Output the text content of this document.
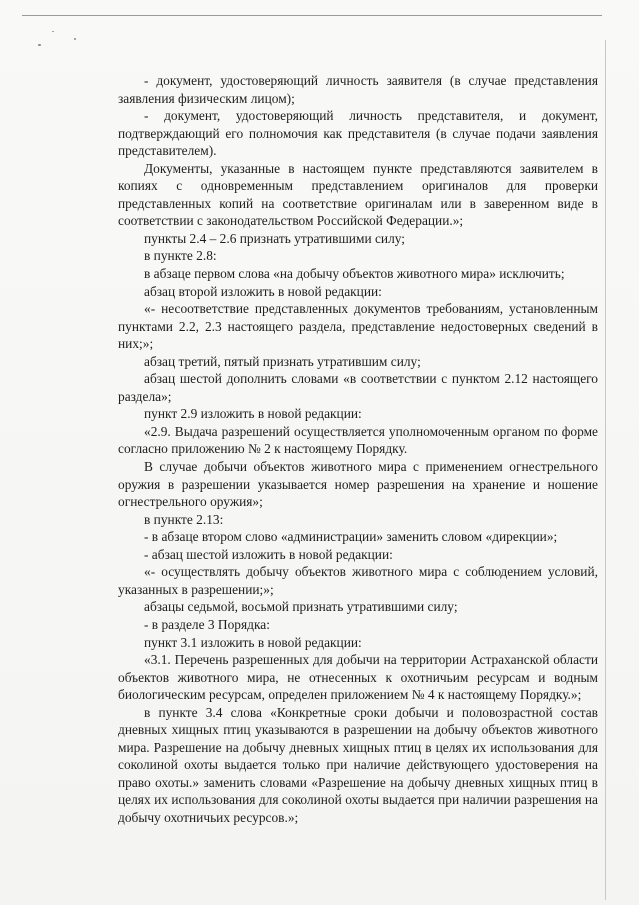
- документ, удостоверяющий личность заявителя (в случае представления заявления физическим лицом);

- документ, удостоверяющий личность представителя, и документ, подтверждающий его полномочия как представителя (в случае подачи заявления представителем).

Документы, указанные в настоящем пункте представляются заявителем в копиях с одновременным представлением оригиналов для проверки представленных копий на соответствие оригиналам или в заверенном виде в соответствии с законодательством Российской Федерации.»;

пункты 2.4 – 2.6 признать утратившими силу;

в пункте 2.8:

в абзаце первом слова «на добычу объектов животного мира» исключить;

абзац второй изложить в новой редакции:

«- несоответствие представленных документов требованиям, установленным пунктами 2.2, 2.3 настоящего раздела, представление недостоверных сведений в них;»;

абзац третий, пятый признать утратившим силу;

абзац шестой дополнить словами «в соответствии с пунктом 2.12 настоящего раздела»;

пункт 2.9 изложить в новой редакции:

«2.9. Выдача разрешений осуществляется уполномоченным органом по форме согласно приложению № 2 к настоящему Порядку.

В случае добычи объектов животного мира с применением огнестрельного оружия в разрешении указывается номер разрешения на хранение и ношение огнестрельного оружия»;

в пункте 2.13:

- в абзаце втором слово «администрации» заменить словом «дирекции»;

- абзац шестой изложить в новой редакции:

«- осуществлять добычу объектов животного мира с соблюдением условий, указанных в разрешении;»;

абзацы седьмой, восьмой признать утратившими силу;

- в разделе 3 Порядка:

пункт 3.1 изложить в новой редакции:

«3.1. Перечень разрешенных для добычи на территории Астраханской области объектов животного мира, не отнесенных к охотничьим ресурсам и водным биологическим ресурсам, определен приложением № 4 к настоящему Порядку.»;

в пункте 3.4 слова «Конкретные сроки добычи и половозрастной состав дневных хищных птиц указываются в разрешении на добычу объектов животного мира. Разрешение на добычу дневных хищных птиц в целях их использования для соколиной охоты выдается только при наличие действующего удостоверения на право охоты.» заменить словами «Разрешение на добычу дневных хищных птиц в целях их использования для соколиной охоты выдается при наличии разрешения на добычу охотничьих ресурсов.»;
